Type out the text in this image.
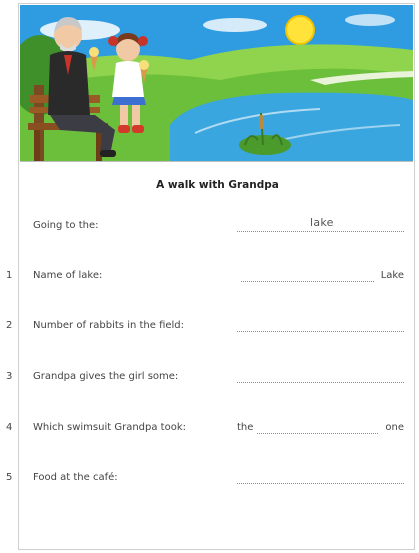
A walk with Grandpa
Going to the:	lake
1 Name of lake:	Lake
2 Number of rabbits in the field:
3 Grandpa gives the girl some:
4 Which swimsuit Grandpa took:	the	one
5 Food at the café:
